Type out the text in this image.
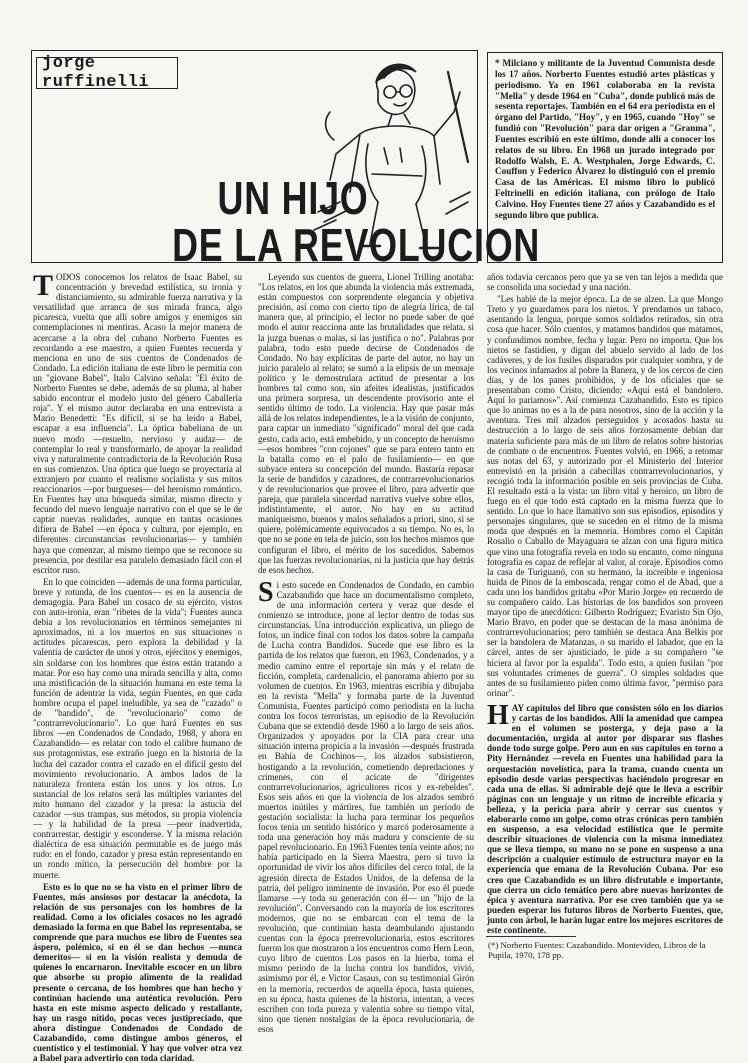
jorge ruffinelli
UN HIJO
DE LA REVOLUCION
* Milciano y militante de la Juventud Comunista desde los 17 años. Norberto Fuentes estudió artes plásticas y periodismo. Ya en 1961 colaboraba en la revista "Mella" y desde 1964 en "Cuba", donde publicó más de sesenta reportajes. También en el 64 era periodista en el órgano del Partido, "Hoy", y en 1965, cuando "Hoy" se fundió con "Revolución" para dar origen a "Granma", Fuentes escribió en este último, donde allí a conocer los relatos de su libro. En 1968 un jurado integrado por Rodolfo Walsh, E. A. Westphalen, Jorge Edwards, C. Couffon y Federico Álvarez lo distinguió con el premio Casa de las Américas. El mismo libro lo publicó Feltrinelli en edición italiana, con prólogo de Italo Calvino. Hoy Fuentes tiene 27 años y Cazabandido es el segundo libro que publica.

TODOS conocemos los relatos de Isaac Babel, su concentración y brevedad estilística, su ironía y distanciamiento, su admirable fuerza narrativa y la versatilidad que arranca de sus mirada franca, algo picaresca, vuelta que allí sobre amigos y enemigos sin contemplaciones ni mentiras. Acaso la mejor manera de acercarse a la obra del cubano Norberto Fuentes es recordando a ese maestro, a quien Fuentes recuerda y menciona en uno de sus cuentos de Condenados de Condado. La edición italiana de este libro le permitía con un "giovane Babel", Italo Calvino señala: "El éxito de Norberto Fuentes se debe, además de su pluma, al haber sabido encontrar el modelo justo del género Caballería roja". Y el mismo autor declaraba en una entrevista a Mario Benedetti: "Es difícil, si se ha leído a Babel, escapar a esa influencia". La óptica babeliana de un nuevo modo —resuelto, nervioso y audaz— de contemplar lo real y transformarlo, de apoyar la realidad viva y naturalmente contradictoria de la Revolución Rusa en sus comienzos. Una óptica que luego se proyectaría al extranjero por cuanto el realismo socialista y sus mitos reaccionarios —por burgueses— del heroísmo romántico. En Fuentes hay una búsqueda similar, mismo directo y fecundo del nuevo lenguaje narrativo con el que se le de captar nuevas realidades, aunque en tantas ocasiones difiera de Babel —en época y cultura, por ejemplo, en diferentes circunstancias revolucionarias— y también haya que comenzar, al mismo tiempo que se reconoce su presencia, por destilar esa paralelo demasiado fácil con el escritor ruso.

En lo que coinciden —además de una forma particular, breve y rotunda, de los cuentos— es en la ausencia de demagogia. Para Babel un cosaco de su ejército, vistos con auto-ironía, eran "ribetes de la vida"; Fuentes aunca debía a los revolucionarios en términos semejantes ni aproximados, ni a los muertos en sus situaciones o actitudes pícarescas, pero explora la debilidad y la valentía de carácter de unos y otros, ejércitos y enemigos, sin soldarse con los hombres que éstos están tratando a matar. Por eso hay como una mirada sencilla y alta, como una mistificación de la situación humana en este tema la función de adentrar la vida, según Fuentes, en que cada hombre ocupa el papel ineludible, ya sea de "cazado" o de "bandido", de "revolucionario" como de "contrarrevolucionario". Lo que hará Fuentes en sus libros —en Condenados de Condado, 1968, y ahora en Cazabandido— es relatar con todo el calibre humano de sus protagonistas, ese extraño juego en la historia de la lucha del cazador contra el cazado en el difícil gesto del movimiento revolucionario. A ambos lados de la naturaleza frontera están los unos y los otros. Lo sustancial de los relatos será las múltiples variantes del mito humano del cazador y la presa: la astucia del cazador —sus trampas, sus métodos, su propia violencia— y la habilidad de la presa —peor inadvertida, contrarrestar, destigir y esconderse. Y la misma relación dialéctica de esa situación permutable es de juego más rudo: en el fondo, cazador y presa están representando en un rondo mítico, la persecución del hombre por la muerte.

Esto es lo que no se ha visto en el primer libro de Fuentes, más ansiosos por destacar la anécdota, la relación de sus personajes con los hombres de la realidad. Como a los oficiales cosacos no les agradó demasiado la forma en que Babel los representaba, se comprende que para muchos ese libro de Fuentes sea áspero, polémico, si en él se dan hechos —nunca demeritos— si en la visión realista y demuda de quienes lo encarnaron. Inevitable escocer en un libro que absorbe su propio alimento de la realidad presente o cercana, de los hombres que han hecho y continúan haciendo una auténtica revolución. Pero hasta en este mismo aspecto delicado y restallante, hay un rasgo nítido, pocas veces justipreciado, que ahora distingue Condenados de Condado de Cazabandido, como distingue ambos géneros, el cuentístico y el testimonial. Y hay que volver otra vez a Babel para advertirlo con toda claridad.

Leyendo sus cuentos de guerra, Lionel Trilling anotaba: "Los relatos, en los que abunda la violencia más extremada, están compuestos con sorprendente elegancia y objetiva precisión, así como con cierto tipo de alegría lírica, de tal manera que, al principio, el lector no puede saber de qué modo el autor reacciona ante las brutalidades que relata, si la juzga buenas o malas, si las justifica o no". Palabras por palabra, todo esto puede decirse de Condenados de Condado. No hay explícitas de parte del autor, no hay un juicio paralelo al relato; se sumó a la elipsis de un mensaje político y le demostrulara actitud de presentar a los hombres tal como son, sin afeites idealistas, justificados una primera sorpresa, un descendente provisorio ante el sentido último de todo. La violencia. Hay que pasar más allá de los relatos independientes, le a la visión de conjunto, para captar un inmediato "significado" moral del que cada gesto, cada acto, está embebido, y un concepto de heroísmo —esos hombres "con cojones" que se para entero tanto en la batalla como en el palo de fusilamiento— en que subyace entera su concepción del mundo. Bastaría repasar la serie de bandidos y cazadores, de contrarrevolucionarios y de revolucionarios que provee el libro, para advertir que pareja, que paralela sincerdad narrativa vuelve sobre ellos, indistintamente, el autor. No hay en su actitud maniqueísmo, buenos y malos señalados a priori, sino, si se quiere, polémicamente equivocados a su tiempo. No es, lo que no se pone en tela de juicio, son los hechos mismos que configuran el libro, el mérito de los sucedidos. Sabemos que las fuerzas revolucionarias, ni la justicia que hay detrás de esos hechos.

Si esto sucede en Condenados de Condado, en cambio Cazabandido que hace un documentalismo completo, de una información certera y veraz que desde el comienzo se introduce, pone al lector dentro de todas sus circunstancias. Una introducción explicativa, un pliego de fotos, un índice final con todos los datos sobre la campaña de Lucha contra Bandidos. Sucede que ese libro es la partida de los relatos que fueron, en 1963, Condenados, y a medio camino entre el reportaje sin más y el relato de ficción, completa, cardenalicio, el panorama abierto por su volumen de cuentos. En 1963, mientras escribía y dibujaba en la revista "Mella" y formaba parte de la Juventud Comunista, Fuentes participó como periodista en la lucha contra los focos terroristas, un episodio de la Revolución Cubana que se extendió desde 1960 a lo largo de seis años. Organizados y apoyados por la CIA para crear una situación interna propicia a la invasión —después frustrada en Bahía de Cochinos—, los alzados subsistieron, hostigando a la revolución, cometiendo depredaciones y crímenes, con el acicate de "dirigentes contrarrevolucionarios, agricultores ricos y ex-rebeldes". Esos seis años en que la violencia de los alzados sembró muertos inútiles y mártires, fue también un período de gestación socialista: la lucha para terminar los pequeños focos tenía un sentido histórico y marcó poderosamente a toda una generación hoy más madura y consciente de su papel revolucionario. En 1963 Fuentes tenía veinte años; no había participado en la Sierra Maestra, pero sí tuvo la oportunidad de vivir los años difíciles del cerco total, de la agresión directa de Estados Unidos, de la defensa de la patria, del peligro inminente de invasión. Por eso él puede llamarse —y toda su generación con él— un "hijo de la revolución". Conversando con la mayoría de los escritores modernos, que no se embarcan con el tema de la revolución, que continúan hasta deambulando ajustando cuentas con la época prerrevolucionaria, estos escritores fueron los que mostraron a los encuentros como Hern Leon, cuyo libro de cuentos Los pasos en la hierba, toma el mismo período de la lucha contra los bandidos, vivió, asimismo por él, e Victor Casaus, con su testimonial Girón en la memoria, recuerdos de aquella época, hasta quienes, en su época, hasta quienes de la historia, intentan, a veces escriben con toda pureza y valentía sobre su tiempo vital, sino que tienen nostalgias de la época revolucionaria, de esos

años todavía cercanos pero que ya se ven tan lejos a medida que se consolida una sociedad y una nación.

"Les hablé de la mejor época. La de se alzen. La que Mongo Treto y yo guardamos para los nietos. Y prendamos un tabaco, asentando la lengua, porque somos soldados retirados, sin otra cosa que hacer. Sólo cuentos, y matamos bandidos que matamos, y confundimos nombre, fecha y lugar. Pero no importa. Que los nietos se fastidien, y digan del abuelo servido al lado de los cadáveres, y de los fusiles disparados por cualquier sombra, y de los vecinos infamados al pobre la Banera, y de los cercos de cien días, y de los panes prohibidos, y de los oficiales que se presentaban como Cristo, diciendo: «Aquí está el bandolero. Aquí lo pariamos»". Así comienza Cazabandido. Esto es típico que lo animas no es a la de para nosotros, sino de la acción y la aventura. Tres mil alzados perseguidos y acosados hasta su destrucción a lo largo de seis años forzosamente debían dar materia suficiente para más de un libro de relatos sobre historias de combate o de encuentros. Fuentes volvió, en 1966, a retomar sus notas del 63, y autorizado por el Ministerio del Interior entrevistó en la prisión a cabecillas contrarrevolucionarios, y recogió toda la información posible en seis provincias de Cuba. El resultado está a la vista: un libro vital y heroico, un libro de fuego en el que todo está captado en la misma fuerza que lo sentido. Lo que lo hace llamativo son sus episodios, episodios y personajes singulares, que se suceden en el ritmo de la misma moda que después en la memoria. Hombres como el Capitán Rosalio o Caballo de Mayaguara se alzan con una figura mítica que vino una fotografía revela en todo su encanto, como ninguna fotografía es capaz de reflejar al valor, al coraje. Episodios como la casa de Turiguanó, con su hermano, la increíble e ingeniosa huida de Pinos de la emboscada, rengar como el de Abad, que a cada uno los bandidos gritaba «Por Mario Jorge» en recuerdo de su compañero caído. Las historias de los bandidos son proveen mayor tipo de anecdótico: Gilberto Rodríguez; Evaristo Sin Ojo, Mario Bravo, en poder que se destacan de la masa anónima de contrarrevolucionarios; pero también se destaca Ana Belkis por ser la bandolera de Matanzas, o su marido el labador, que en la cárcel, antes de ser ajusticiado, le pide a su compañero "se hiciera al favor por la espalda". Todo esto, a quien fusilan "por sus voluntades crímenes de guerra". O simples soldados que antes de su fusilamiento piden como última favor, "permiso para orinar".

HAY capítulos del libro que consisten sólo en los diarios y cartas de los bandidos. Allí la amenidad que campea en el volumen se posterga, y deja paso a la documentación, urgida al autor por disparar sus flashes donde todo surge golpe. Pero aun en sus capítulos en torno a Pity Hernández —revela en Fuentes una habilidad para la orquestación novelística, para la trama, cuando cuenta un episodio desde varias perspectivas haciéndolo progresar en cada una de ellas. Si admirable dejé que le lleva a escribir páginas con un lenguaje y un ritmo de increíble eficacia y belleza, y la pericia para abrir y cerrar sus cuentos y elaborarlo como un golpe, como otras crónicas pero también en suspenso, a esa velocidad estilística que le permite describir situaciones de violencia con la misma inmediatez que se lleva tiempo, su mano no se pone en suspenso a una descripción a cualquier estímulo de estructura mayor en la experiencia que emana de la Revolución Cubana. Por eso creo que Cazabandido es un libro disfrutable e importante, que cierra un ciclo temático pero abre nuevas horizontes de épica y aventura narrativa. Por ese creo también que ya se pueden esperar los futuros libros de Norberto Fuentes, que, junto con árbol, le harán lugar entre los mejores escritores de este continente.

(*) Norberto Fuentes: Cazabandido. Montevideo, Libros de la Pupila, 1970, 178 pp.
